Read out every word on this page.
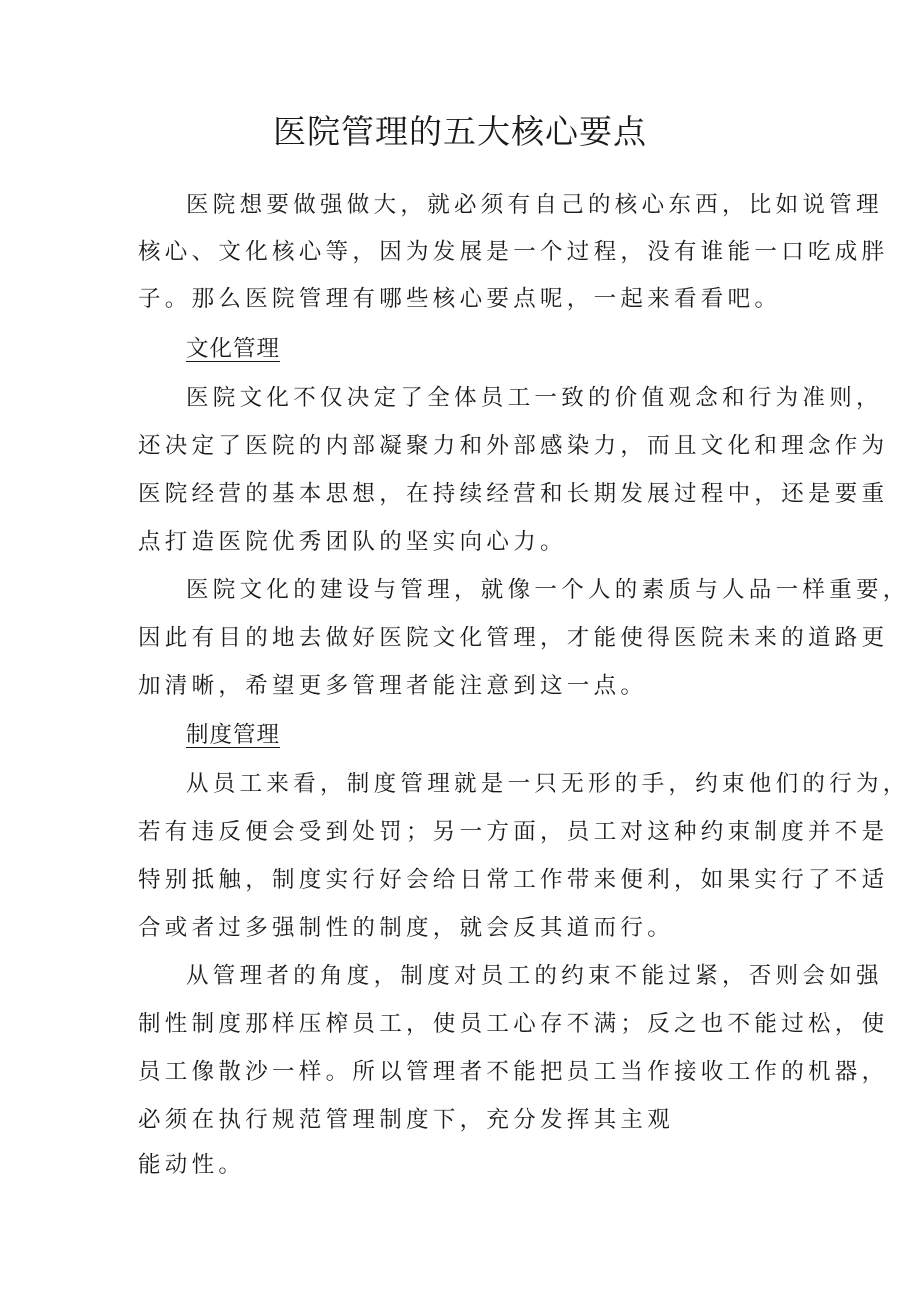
医院管理的五大核心要点
医院想要做强做大，就必须有自己的核心东西，比如说管理
核心、文化核心等，因为发展是一个过程，没有谁能一口吃成胖
子。那么医院管理有哪些核心要点呢，一起来看看吧。
文化管理
医院文化不仅决定了全体员工一致的价值观念和行为准则，
还决定了医院的内部凝聚力和外部感染力，而且文化和理念作为
医院经营的基本思想，在持续经营和长期发展过程中，还是要重
点打造医院优秀团队的坚实向心力。
医院文化的建设与管理，就像一个人的素质与人品一样重要，
因此有目的地去做好医院文化管理，才能使得医院未来的道路更
加清晰，希望更多管理者能注意到这一点。
制度管理
从员工来看，制度管理就是一只无形的手，约束他们的行为，
若有违反便会受到处罚；另一方面，员工对这种约束制度并不是
特别抵触，制度实行好会给日常工作带来便利，如果实行了不适
合或者过多强制性的制度，就会反其道而行。
从管理者的角度，制度对员工的约束不能过紧，否则会如强
制性制度那样压榨员工，使员工心存不满；反之也不能过松，使
员工像散沙一样。所以管理者不能把员工当作接收工作的机器，
必须在执行规范管理制度下，充分发挥其主观
能动性。
